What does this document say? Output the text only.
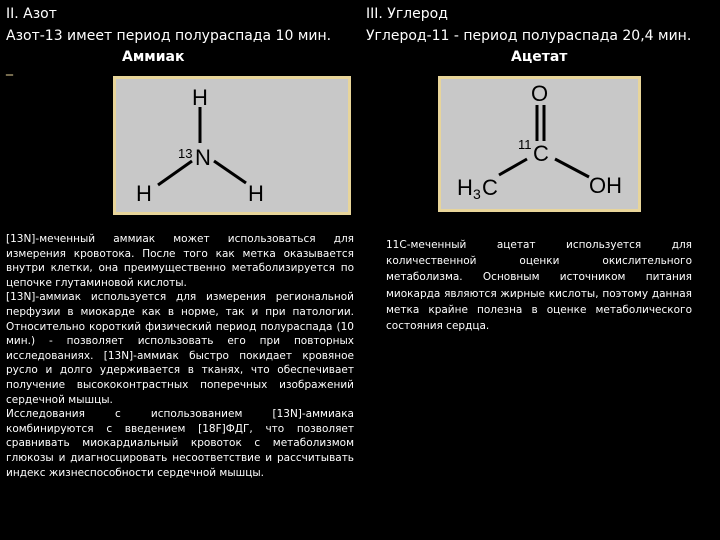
II. Азот
Азот-13 имеет период полураспада 10 мин.
Аммиак
_
H
13 N
H	H

[13N]-меченный аммиак может использоваться для измерения кровотока. После того как метка оказывается внутри клетки, она преимущественно метаболизируется по цепочке глутаминовой кислоты.

[13N]-аммиак используется для измерения региональной перфузии в миокарде как в норме, так и при патологии. Относительно короткий физический период полураспада (10 мин.) - позволяет использовать его при повторных исследованиях. [13N]-аммиак быстро покидает кровяное русло и долго удерживается в тканях, что обеспечивает получение высококонтрастных поперечных изображений сердечной мышцы.

Исследования с использованием [13N]-аммиака комбинируются с введением [18F]ФДГ, что позволяет сравнивать миокардиальный кровоток с метаболизмом глюкозы и диагносцировать несоответствие и рассчитывать индекс жизнеспособности сердечной мышцы.

III. Углерод
Углерод-11 - период полураспада 20,4 мин.
Ацетат
O
11 C
H 3 C	OH

11С-меченный ацетат используется для количественной оценки окислительного метаболизма. Основным источником питания миокарда являются жирные кислоты, поэтому данная метка крайне полезна в оценке метаболического состояния сердца.
